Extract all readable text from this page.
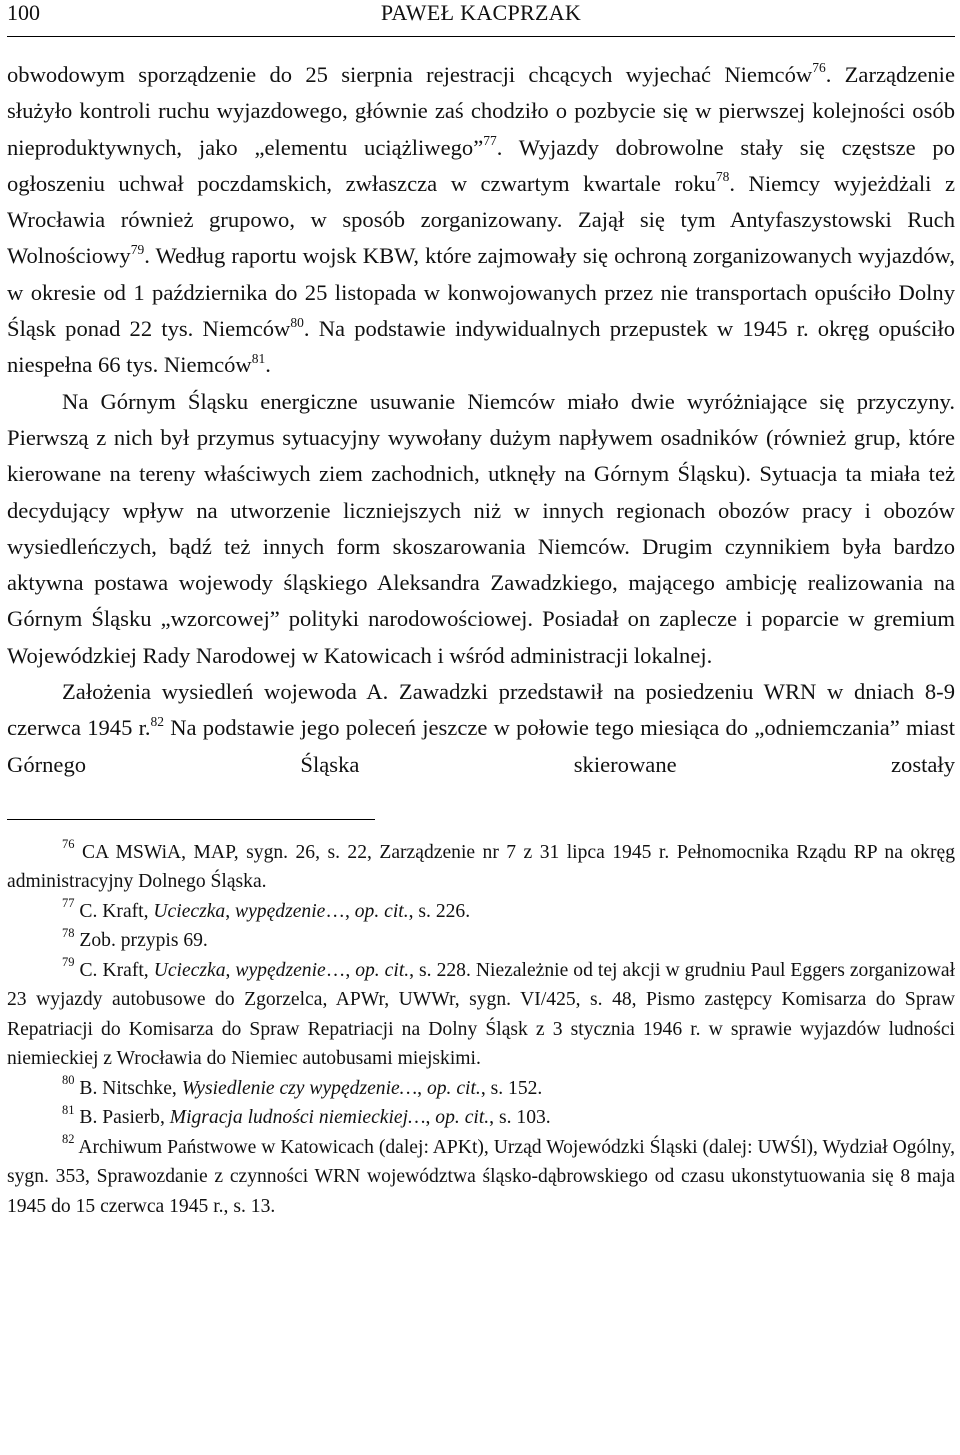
100	PAWEŁ KACPRZAK

obwodowym sporządzenie do 25 sierpnia rejestracji chcących wyjechać Niemców$^{76}$. Zarządzenie służyło kontroli ruchu wyjazdowego, głównie zaś chodziło o pozbycie się w pierwszej kolejności osób nieproduktywnych, jako „elementu uciążliwego”$^{77}$. Wyjazdy dobrowolne stały się częstsze po ogłoszeniu uchwał poczdamskich, zwłaszcza w czwartym kwartale roku$^{78}$. Niemcy wyjeżdżali z Wrocławia również grupowo, w sposób zorganizowany. Zajął się tym Antyfaszystowski Ruch Wolnościowy$^{79}$. Według raportu wojsk KBW, które zajmowały się ochroną zorganizowanych wyjazdów, w okresie od 1 października do 25 listopada w konwojowanych przez nie transportach opuściło Dolny Śląsk ponad 22 tys. Niemców$^{80}$. Na podstawie indywidualnych przepustek w 1945 r. okręg opuściło niespełna 66 tys. Niemców$^{81}$.

Na Górnym Śląsku energiczne usuwanie Niemców miało dwie wyróżniające się przyczyny. Pierwszą z nich był przymus sytuacyjny wywołany dużym napływem osadników (również grup, które kierowane na tereny właściwych ziem zachodnich, utknęły na Górnym Śląsku). Sytuacja ta miała też decydujący wpływ na utworzenie liczniejszych niż w innych regionach obozów pracy i obozów wysiedleńczych, bądź też innych form skoszarowania Niemców. Drugim czynnikiem była bardzo aktywna postawa wojewody śląskiego Aleksandra Zawadzkiego, mającego ambicję realizowania na Górnym Śląsku „wzorcowej” polityki narodowościowej. Posiadał on zaplecze i poparcie w gremium Wojewódzkiej Rady Narodowej w Katowicach i wśród administracji lokalnej.

Założenia wysiedleń wojewoda A. Zawadzki przedstawił na posiedzeniu WRN w dniach 8-9 czerwca 1945 r.$^{82}$ Na podstawie jego poleceń jeszcze w połowie tego miesiąca do „odniemczania” miast Górnego Śląska skierowane zostały

$^{76}$ CA MSWiA, MAP, sygn. 26, s. 22, Zarządzenie nr 7 z 31 lipca 1945 r. Pełnomocnika Rządu RP na okręg administracyjny Dolnego Śląska.

$^{77}$ C. Kraft, Ucieczka, wypędzenie…, op. cit., s. 226.

$^{78}$ Zob. przypis 69.

$^{79}$ C. Kraft, Ucieczka, wypędzenie…, op. cit., s. 228. Niezależnie od tej akcji w grudniu Paul Eggers zorganizował 23 wyjazdy autobusowe do Zgorzelca, APWr, UWWr, sygn. VI/425, s. 48, Pismo zastępcy Komisarza do Spraw Repatriacji do Komisarza do Spraw Repatriacji na Dolny Śląsk z 3 stycznia 1946 r. w sprawie wyjazdów ludności niemieckiej z Wrocławia do Niemiec autobusami miejskimi.

$^{80}$ B. Nitschke, Wysiedlenie czy wypędzenie…, op. cit., s. 152.

$^{81}$ B. Pasierb, Migracja ludności niemieckiej…, op. cit., s. 103.

$^{82}$ Archiwum Państwowe w Katowicach (dalej: APKt), Urząd Wojewódzki Śląski (dalej: UWŚl), Wydział Ogólny, sygn. 353, Sprawozdanie z czynności WRN województwa śląsko-dąbrowskiego od czasu ukonstytuowania się 8 maja 1945 do 15 czerwca 1945 r., s. 13.
